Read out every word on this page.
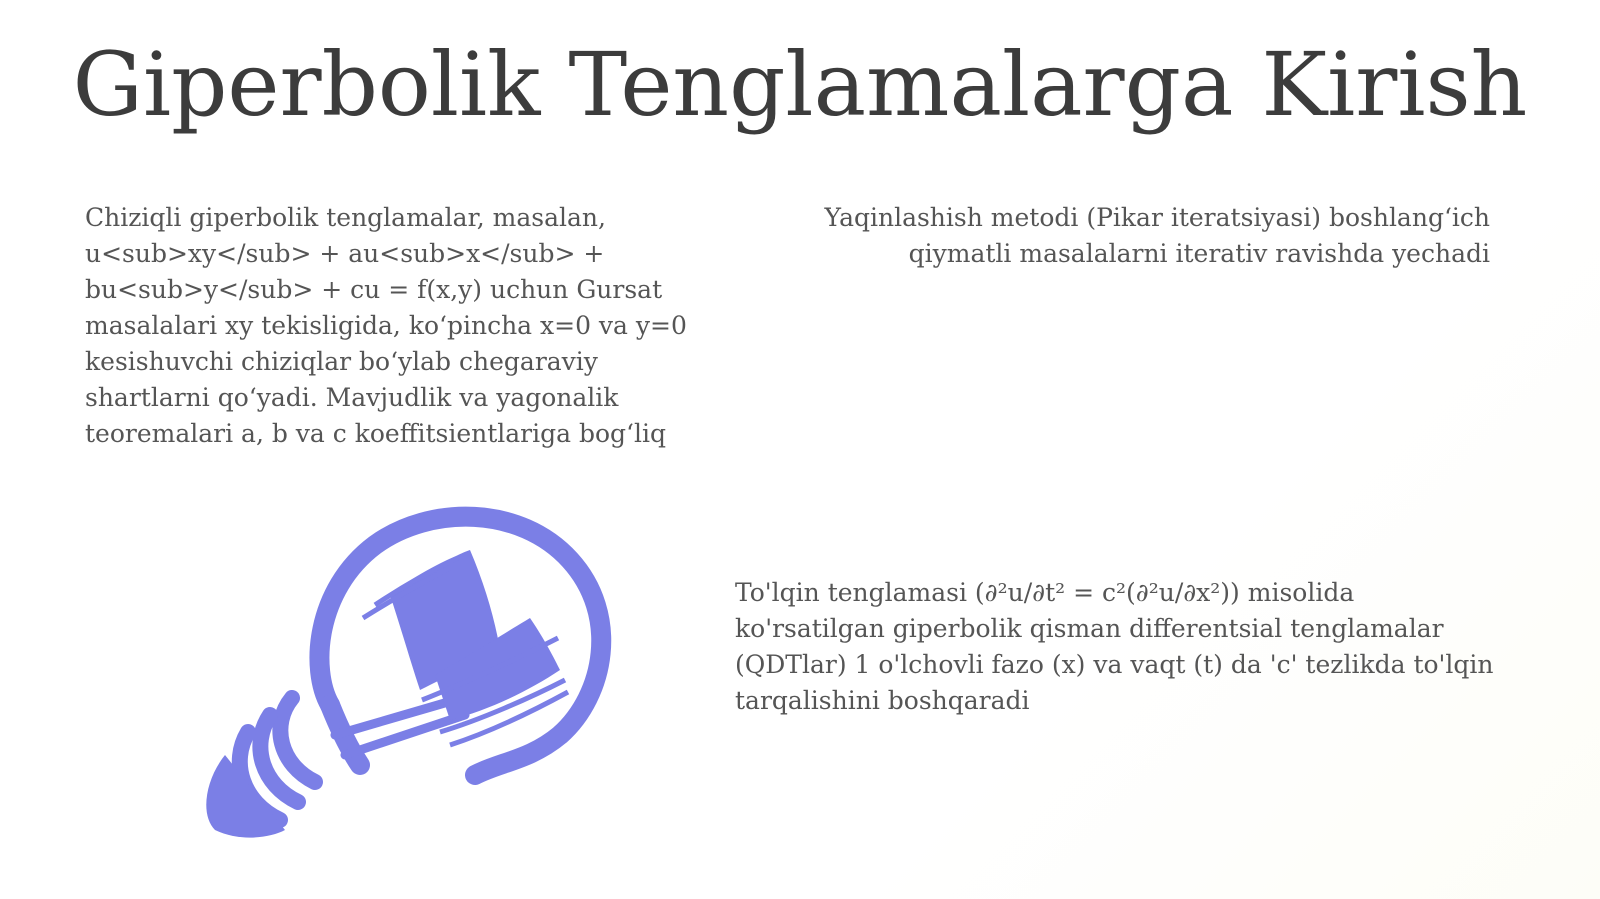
Giperbolik Tenglamalarga Kirish
Chiziqli giperbolik tenglamalar, masalan, u<sub>xy</sub> + au<sub>x</sub> + bu<sub>y</sub> + cu = f(x,y) uchun Gursat masalalari xy tekisligida, ko‘pincha x=0 va y=0 kesishuvchi chiziqlar bo‘ylab chegaraviy shartlarni qo‘yadi. Mavjudlik va yagonalik teoremalari a, b va c koeffitsientlariga bog‘liq
Yaqinlashish metodi (Pikar iteratsiyasi) boshlang‘ich qiymatli masalalarni iterativ ravishda yechadi
To'lqin tenglamasi (∂²u/∂t² = c²(∂²u/∂x²)) misolida ko'rsatilgan giperbolik qisman differentsial tenglamalar (QDTlar) 1 o'lchovli fazo (x) va vaqt (t) da 'c' tezlikda to'lqin tarqalishini boshqaradi
